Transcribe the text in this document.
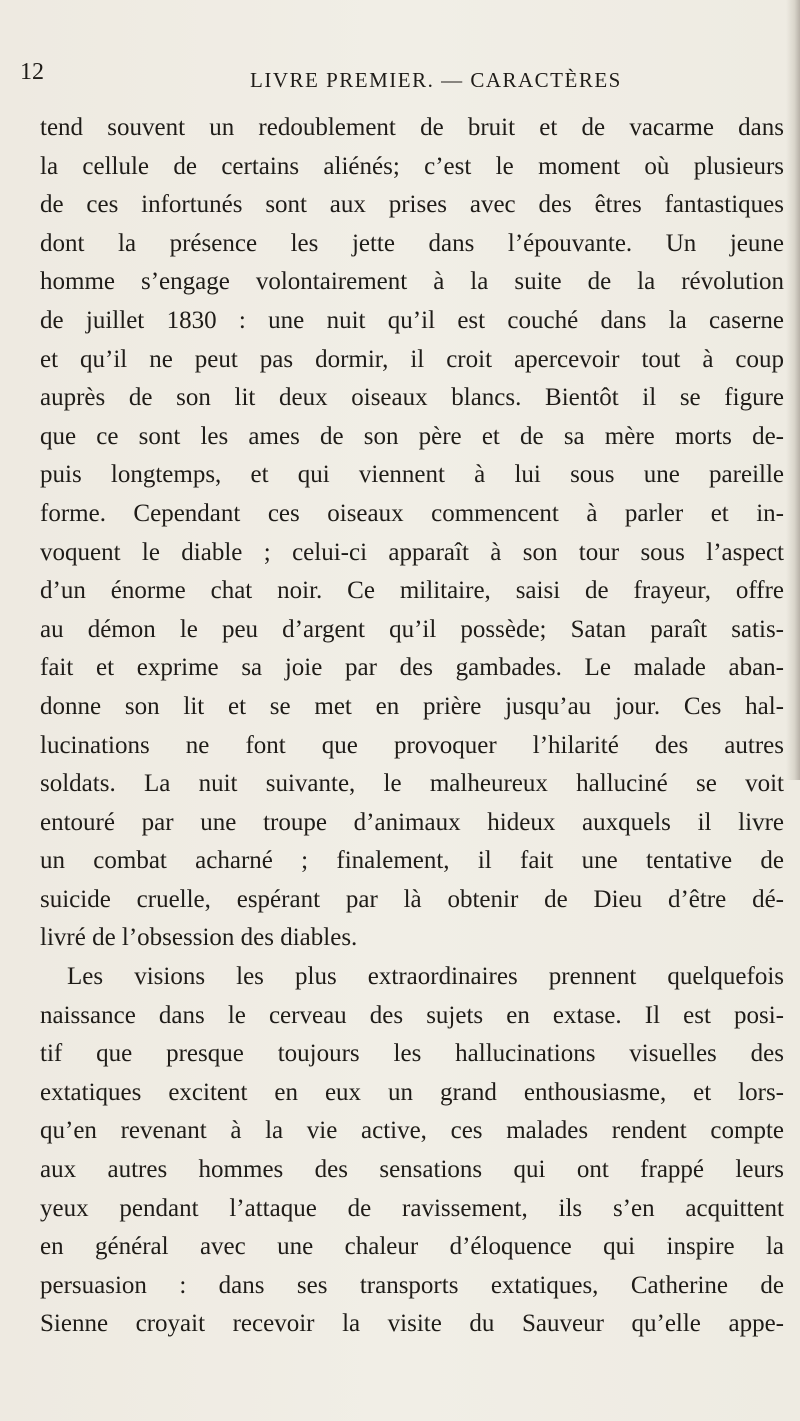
12	LIVRE PREMIER. — CARACTÈRES
tend souvent un redoublement de bruit et de vacarme dans
la cellule de certains aliénés; c’est le moment où plusieurs
de ces infortunés sont aux prises avec des êtres fantastiques
dont la présence les jette dans l’épouvante. Un jeune
homme s’engage volontairement à la suite de la révolution
de juillet 1830 : une nuit qu’il est couché dans la caserne
et qu’il ne peut pas dormir, il croit apercevoir tout à coup
auprès de son lit deux oiseaux blancs. Bientôt il se figure
que ce sont les ames de son père et de sa mère morts de-
puis longtemps, et qui viennent à lui sous une pareille
forme. Cependant ces oiseaux commencent à parler et in-
voquent le diable ; celui-ci apparaît à son tour sous l’aspect
d’un énorme chat noir. Ce militaire, saisi de frayeur, offre
au démon le peu d’argent qu’il possède; Satan paraît satis-
fait et exprime sa joie par des gambades. Le malade aban-
donne son lit et se met en prière jusqu’au jour. Ces hal-
lucinations ne font que provoquer l’hilarité des autres
soldats. La nuit suivante, le malheureux halluciné se voit
entouré par une troupe d’animaux hideux auxquels il livre
un combat acharné ; finalement, il fait une tentative de
suicide cruelle, espérant par là obtenir de Dieu d’être dé-
livré de l’obsession des diables.
Les visions les plus extraordinaires prennent quelquefois
naissance dans le cerveau des sujets en extase. Il est posi-
tif que presque toujours les hallucinations visuelles des
extatiques excitent en eux un grand enthousiasme, et lors-
qu’en revenant à la vie active, ces malades rendent compte
aux autres hommes des sensations qui ont frappé leurs
yeux pendant l’attaque de ravissement, ils s’en acquittent
en général avec une chaleur d’éloquence qui inspire la
persuasion : dans ses transports extatiques, Catherine de
Sienne croyait recevoir la visite du Sauveur qu’elle appe-
